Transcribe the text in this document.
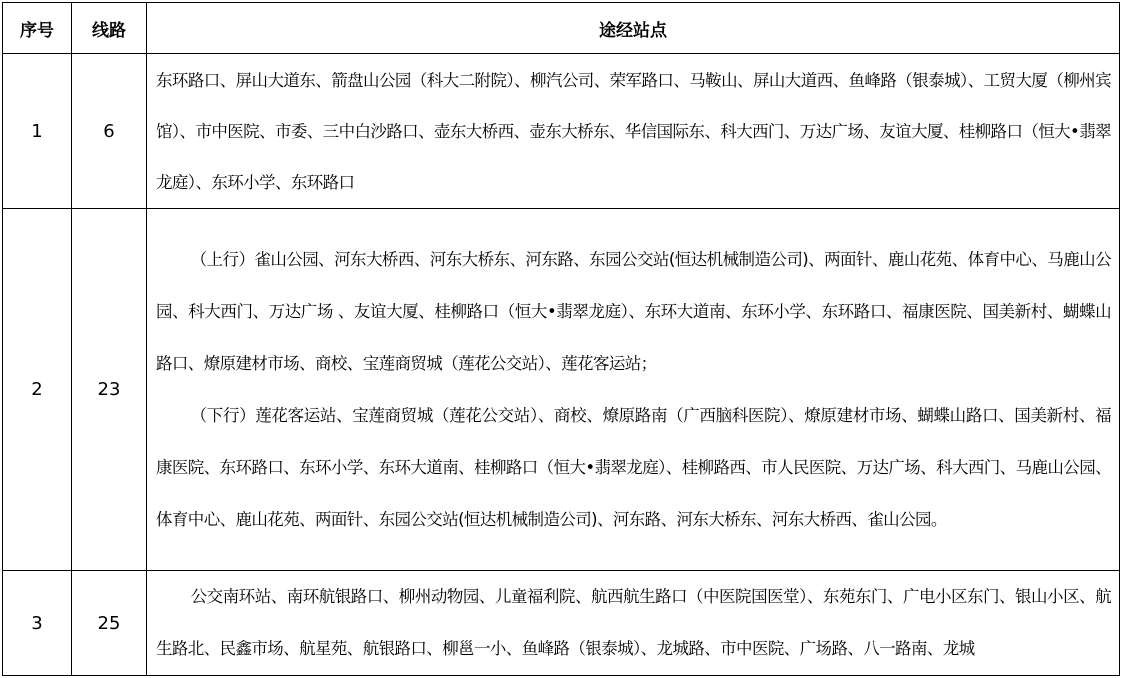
序号	线路	途经站点
1	6	东环路口、屏山大道东、箭盘山公园（科大二附院）、柳汽公司、荣军路口、马鞍山、屏山大道西、鱼峰路（银泰城）、工贸大厦（柳州宾馆）、市中医院、市委、三中白沙路口、壶东大桥西、壶东大桥东、华信国际东、科大西门、万达广场、友谊大厦、桂柳路口（恒大•翡翠龙庭）、东环小学、东环路口

2	23	（上行）雀山公园、河东大桥西、河东大桥东、河东路、东园公交站(恒达机械制造公司)、两面针、鹿山花苑、体育中心、马鹿山公园、科大西门、万达广场 、友谊大厦、桂柳路口（恒大•翡翠龙庭）、东环大道南、东环小学、东环路口、福康医院、国美新村、蝴蝶山路口、燎原建材市场、商校、宝莲商贸城（莲花公交站）、莲花客运站；

（下行）莲花客运站、宝莲商贸城（莲花公交站）、商校、燎原路南（广西脑科医院）、燎原建材市场、蝴蝶山路口、国美新村、福康医院、东环路口、东环小学、东环大道南、桂柳路口（恒大•翡翠龙庭）、桂柳路西、市人民医院、万达广场、科大西门、马鹿山公园、体育中心、鹿山花苑、两面针、东园公交站(恒达机械制造公司)、河东路、河东大桥东、河东大桥西、雀山公园。

3	25	公交南环站、南环航银路口、柳州动物园、儿童福利院、航西航生路口（中医院国医堂）、东苑东门、广电小区东门、银山小区、航生路北、民鑫市场、航星苑、航银路口、柳邕一小、鱼峰路（银泰城）、龙城路、市中医院、广场路、八一路南、龙城
